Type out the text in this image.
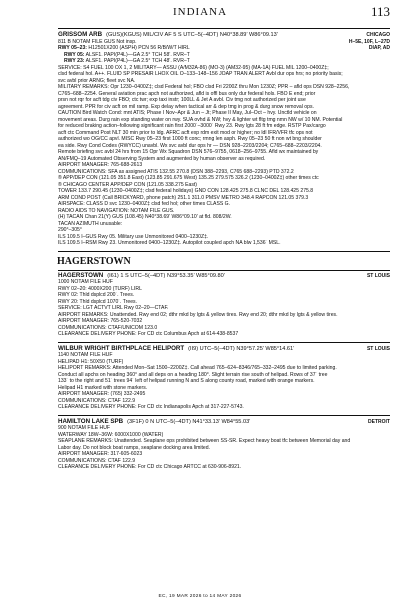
INDIANA	113
GRISSOM ARB (GUS)(KGUS) MIL/CIV AF 5 S UTC–5(–4DT) N40°38.89’ W86°09.13’	CHICAGO
811 B NOTAM FILE GUS Not insp.	H–5E, 10F, L–27D
RWY 05–23: H12501X200 (ASPH) PCN 56 R/B/W/T HIRL	DIAP, AD
RWY 05: ALSF1. PAPI(P4L)—GA 2.5° TCH 58’. RVR–T
RWY 23: ALSF1. PAPI(P4L)—GA 2.5° TCH 48’. RVR–T
SERVICE: S4 FUEL 100 OX 1, 2 MILITARY— ASSU (A/M32A-86) (MO-3) (AM32-95) (MA-1A) FUEL MIL 1200–0400Z‡;
clsd federal hol. A++. FLUID SP PRESAIR LHOX OIL O–133–148–156 JOAP TRAN ALERT Avbl dur ops hrs; no priority basis;
svc avbl prior ARNG; fleet svc NA.
MILITARY REMARKS: Opr 1230–0400Z‡; clsd Federal hol; FBO clsd Fri 2200Z thru Mon 1230Z; PPR – afld ops DSN 928–2256,
C765–688–2254. General aviation prac apch not authorized, afld is offl bus only dur federal hols. FBO E end; prior
prsn not rqr for acft tdg civ FBO; ctc twr; exp taxi instr; 100LL & Jet A avbl. Civ tmg not authorized per joint use
agreement. PPR for civ acft on mil ramp. Exp delay when tactical arr & dep tmg in prog & durg snow removal ops.
CAUTION Bird Watch Cond: mnt ATIS; Phase I Nov–Apr & Jun – Jt; Phase II May, Jul–Oct – hvy. Unctld vehicle on
movement areas. Durg rain exp standing water on rwy. SUA ovhd & NW; hvy & lighter wt fltg tmg nmn NW w/ 10 NM. Potential
for reduced braking action–following significant rain first 2000´–3000´ Rwy 23. Rwy lgts 28 ft fm edge. RSTP Pax/cargo
acft ctc Command Post NLT 30 min prior to ldg. AFRC acft exp rdm exit mod or higher; no ldl IFR/VFR tfc ops not
authorized wo OG/CC apvl. MISC Rwy 05–23 first 1000 ft conc; rmng len asph. Rwy 05–23 50 ft non wt bng shoulder
ea side. Rwy Cond Codes (RWYCC) unavbl. Wx svc avbl dur ops hr — DSN 928–2203/2204; C765–688–2203/2204.
Remote briefing svc avbl 24 hrs from 15 Opr Wx Squadron DSN 576–9755, 0618–256–9755. Afld wx maintained by
AN/FMQ–19 Automated Observing System and augmented by human observer as required.
AIRPORT MANAGER: 765-688-2613
COMMUNICATIONS: SFA as assigned ATIS 132.55 270.8 (DSN 388–2293, C765 688–2293) PTD 372.2
® APP/DEP CON (121.05 351.8 East) (123.85 291.675 West) 135.25 279.575 326.2 (1230–0400Z‡) other times ctc
® CHICAGO CENTER APP/DEP CON (121.05 338.275 East)
TOWER 133.7 290.45 (1230–0400Z‡; clsd federal holidays) GND CON 128.425 275.8 CLNC DEL 128.425 275.8
ARM COND POST (Call BRICKYARD, phone patch) 251.1 311.0 PMSV METRO 348.4 RAPCON 121.05 379.3
AIRSPACE: CLASS D svc 1230–0400Z‡ clsd fed hol; other times CLASS G.
RADIO AIDS TO NAVIGATION: NOTAM FILE GUS.
(H) TACAN Chan 21(Y) GUS (108.45) N40°38.69’ W86°09.10’ at fld. 808/2W.
TACAN AZIMUTH unusable:
290°–305°
ILS 109.5 I–GUS Rwy 05. Military use Unmonitored 0400–1230Z‡.
ILS 109.5 I–RSM Rwy 23. Unmonitored 0400–1230Z‡. Autopilot coupled apch NA blw 1,536´ MSL.
HAGERSTOWN
HAGERSTOWN (I61) 1 S UTC–5(–4DT) N39°53.35’ W85°09.80’	ST LOUIS
1000 NOTAM FILE HUF
RWY 02–20: 4000X200 (TURF) LIRL
RWY 02: Thld dsplcd 200´. Trees.
RWY 20: Thld dsplcd 1070´. Trees.
SERVICE: LGT ACTVT LIRL Rwy 02–20—CTAF.
AIRPORT REMARKS: Unattended. Rwy end 02; dthr mkd by lgts & yellow tires. Rwy end 20; dthr mkd by lgts & yellow tires.
AIRPORT MANAGER: 765-520-7032
COMMUNICATIONS: CTAF/UNICOM 123.0
CLEARANCE DELIVERY PHONE: For CD ctc Columbus Apch at 614-438-8537
WILBUR WRIGHT BIRTHPLACE HELIPORT (II9) UTC–5(–4DT) N39°57.25’ W85°14.61’	ST LOUIS
1140 NOTAM FILE HUF
HELIPAD H1: 50X50 (TURF)
HELIPORT REMARKS: Attended Mon–Sat 1500–2200Z‡. Call ahead 765–624–8346/765–332–2495 due to limited parking.
Conduct all apchs on heading 360° and all deps on a heading 180°. Slight terrain rise south of helipad. Rows of 37´ tree
133´ to the right and 51´ trees 94´ left of helipad running N and S along county road, marked with orange markers.
Helipad H1 marked with stone markers.
AIRPORT MANAGER: (765) 332-2495
COMMUNICATIONS: CTAF 122.9
CLEARANCE DELIVERY PHONE: For CD ctc Indianapolis Apch at 317-227-5743.
HAMILTON LAKE SPB (3F1F) 0 N UTC–5(–4DT) N41°33.13’ W84°55.03’	DETROIT
900 NOTAM FILE HUF
WATERWAY 18W–36W: 6000X1000 (WATER)
SEAPLANE REMARKS: Unattended. Seaplane ops prohibited between SS-SR. Expect heavy boat tfc between Memorial day and
Labor day. Do not block boat ramps, seaplane docking area limited.
AIRPORT MANAGER: 317-605-6023
COMMUNICATIONS: CTAF 122.9
CLEARANCE DELIVERY PHONE: For CD ctc Chicago ARTCC at 630-906-8921.
EC, 19 MAR 2026 to 14 MAY 2026
